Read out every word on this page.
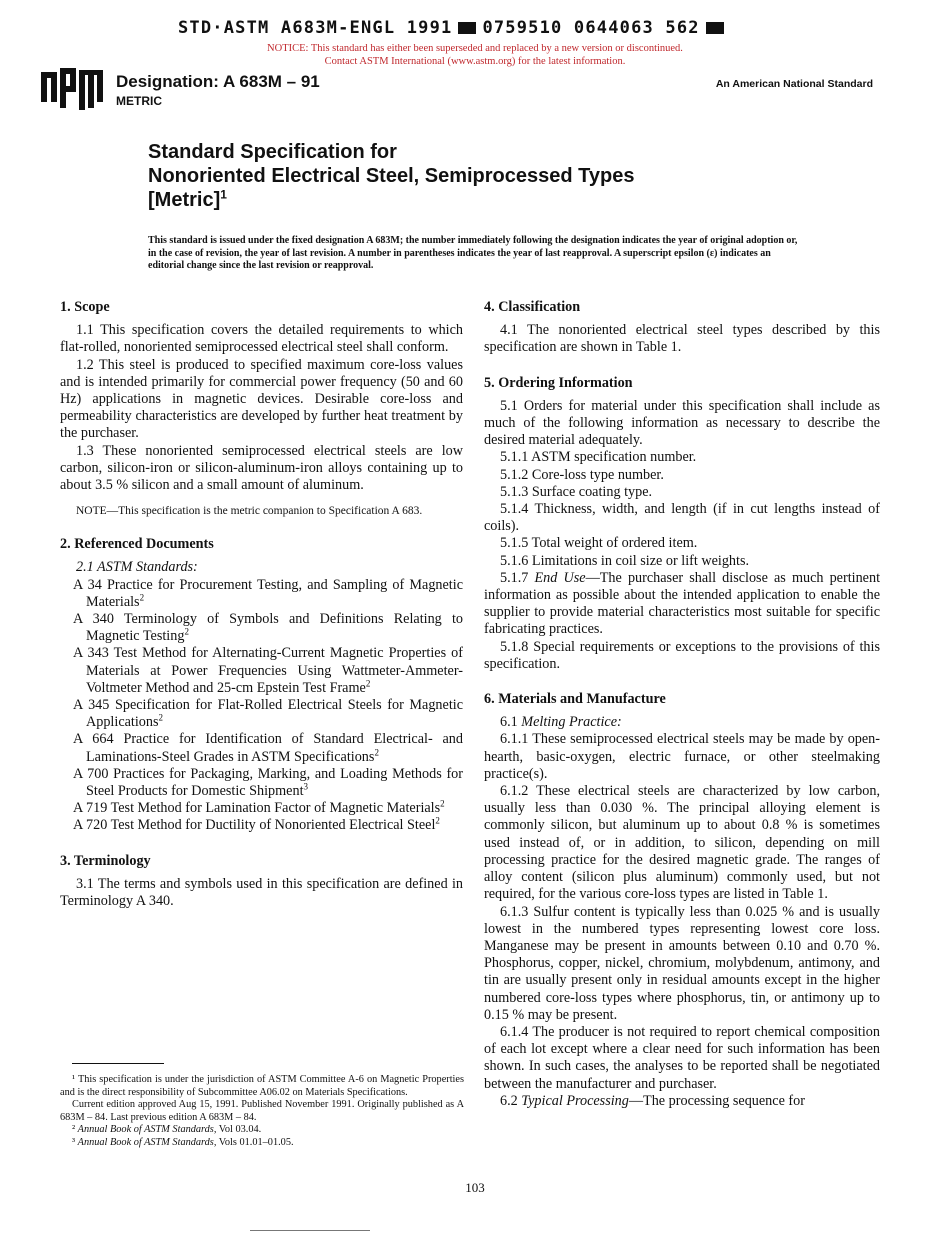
STD·ASTM A683M-ENGL 1991 0759510 0644063 562
NOTICE: This standard has either been superseded and replaced by a new version or discontinued.
Contact ASTM International (www.astm.org) for the latest information.
Designation: A 683M – 91
METRIC
An American National Standard
Standard Specification for
Nonoriented Electrical Steel, Semiprocessed Types
[Metric]$^1$
This standard is issued under the fixed designation A 683M; the number immediately following the designation indicates the year of original adoption or, in the case of revision, the year of last revision. A number in parentheses indicates the year of last reapproval. A superscript epsilon (ε) indicates an editorial change since the last revision or reapproval.
1. Scope

1.1 This specification covers the detailed requirements to which flat-rolled, nonoriented semiprocessed electrical steel shall conform.

1.2 This steel is produced to specified maximum core-loss values and is intended primarily for commercial power frequency (50 and 60 Hz) applications in magnetic devices. Desirable core-loss and permeability characteristics are developed by further heat treatment by the purchaser.

1.3 These nonoriented semiprocessed electrical steels are low carbon, silicon-iron or silicon-aluminum-iron alloys containing up to about 3.5 % silicon and a small amount of aluminum.

NOTE—This specification is the metric companion to Specification A 683.

2. Referenced Documents

2.1 ASTM Standards:

A 34 Practice for Procurement Testing, and Sampling of Magnetic Materials$^2$
A 340 Terminology of Symbols and Definitions Relating to Magnetic Testing$^2$
A 343 Test Method for Alternating-Current Magnetic Properties of Materials at Power Frequencies Using Wattmeter-Ammeter-Voltmeter Method and 25-cm Epstein Test Frame$^2$
A 345 Specification for Flat-Rolled Electrical Steels for Magnetic Applications$^2$
A 664 Practice for Identification of Standard Electrical- and Laminations-Steel Grades in ASTM Specifications$^2$
A 700 Practices for Packaging, Marking, and Loading Methods for Steel Products for Domestic Shipment$^3$
A 719 Test Method for Lamination Factor of Magnetic Materials$^2$
A 720 Test Method for Ductility of Nonoriented Electrical Steel$^2$
3. Terminology

3.1 The terms and symbols used in this specification are defined in Terminology A 340.

¹ This specification is under the jurisdiction of ASTM Committee A-6 on Magnetic Properties and is the direct responsibility of Subcommittee A06.02 on Materials Specifications.

Current edition approved Aug 15, 1991. Published November 1991. Originally published as A 683M – 84. Last previous edition A 683M – 84.

² Annual Book of ASTM Standards, Vol 03.04.

³ Annual Book of ASTM Standards, Vols 01.01–01.05.

4. Classification

4.1 The nonoriented electrical steel types described by this specification are shown in Table 1.

5. Ordering Information

5.1 Orders for material under this specification shall include as much of the following information as necessary to describe the desired material adequately.

5.1.1 ASTM specification number.

5.1.2 Core-loss type number.

5.1.3 Surface coating type.

5.1.4 Thickness, width, and length (if in cut lengths instead of coils).

5.1.5 Total weight of ordered item.

5.1.6 Limitations in coil size or lift weights.

5.1.7 End Use—The purchaser shall disclose as much pertinent information as possible about the intended application to enable the supplier to provide material characteristics most suitable for specific fabricating practices.

5.1.8 Special requirements or exceptions to the provisions of this specification.

6. Materials and Manufacture

6.1 Melting Practice:

6.1.1 These semiprocessed electrical steels may be made by open-hearth, basic-oxygen, electric furnace, or other steelmaking practice(s).

6.1.2 These electrical steels are characterized by low carbon, usually less than 0.030 %. The principal alloying element is commonly silicon, but aluminum up to about 0.8 % is sometimes used instead of, or in addition, to silicon, depending on mill processing practice for the desired magnetic grade. The ranges of alloy content (silicon plus aluminum) commonly used, but not required, for the various core-loss types are listed in Table 1.

6.1.3 Sulfur content is typically less than 0.025 % and is usually lowest in the numbered types representing lowest core loss. Manganese may be present in amounts between 0.10 and 0.70 %. Phosphorus, copper, nickel, chromium, molybdenum, antimony, and tin are usually present only in residual amounts except in the higher numbered core-loss types where phosphorus, tin, or antimony up to 0.15 % may be present.

6.1.4 The producer is not required to report chemical composition of each lot except where a clear need for such information has been shown. In such cases, the analyses to be reported shall be negotiated between the manufacturer and purchaser.

6.2 Typical Processing—The processing sequence for

103
